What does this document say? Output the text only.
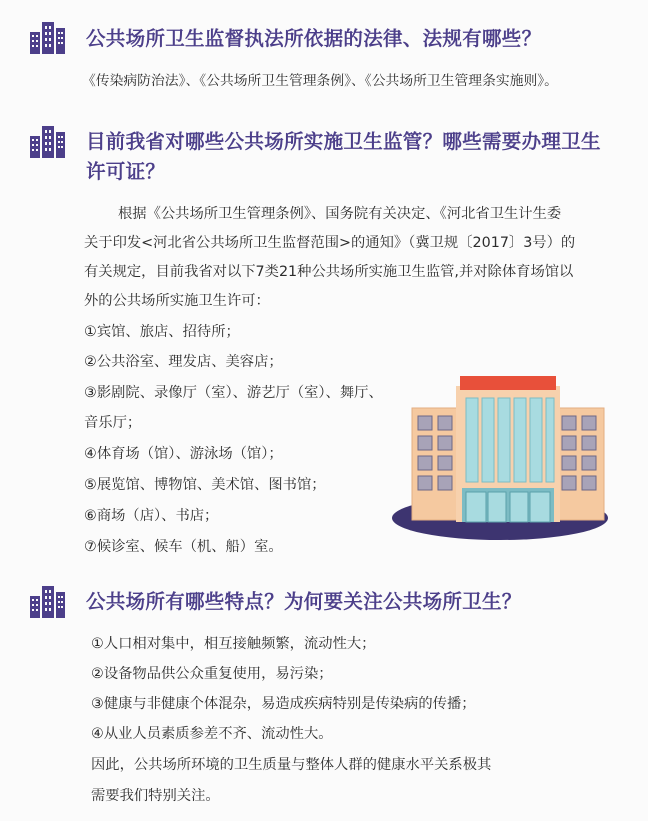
公共场所卫生监督执法所依据的法律、法规有哪些？
《传染病防治法》、《公共场所卫生管理条例》、《公共场所卫生管理条实施则》。
目前我省对哪些公共场所实施卫生监管？哪些需要办理卫生
许可证？
根据《公共场所卫生管理条例》、国务院有关决定、《河北省卫生计生委
关于印发<河北省公共场所卫生监督范围>的通知》（冀卫规〔2017〕3号）的
有关规定，目前我省对以下7类21种公共场所实施卫生监管,并对除体育场馆以
外的公共场所实施卫生许可：
①宾馆、旅店、招待所；
②公共浴室、理发店、美容店；
③影剧院、录像厅（室）、游艺厅（室）、舞厅、
音乐厅；
④体育场（馆）、游泳场（馆）；
⑤展览馆、博物馆、美术馆、图书馆；
⑥商场（店）、书店；
⑦候诊室、候车（机、船）室。
公共场所有哪些特点？为何要关注公共场所卫生？
①人口相对集中，相互接触频繁，流动性大；
②设备物品供公众重复使用，易污染；
③健康与非健康个体混杂，易造成疾病特别是传染病的传播；
④从业人员素质参差不齐、流动性大。
因此，公共场所环境的卫生质量与整体人群的健康水平关系极其
需要我们特别关注。
